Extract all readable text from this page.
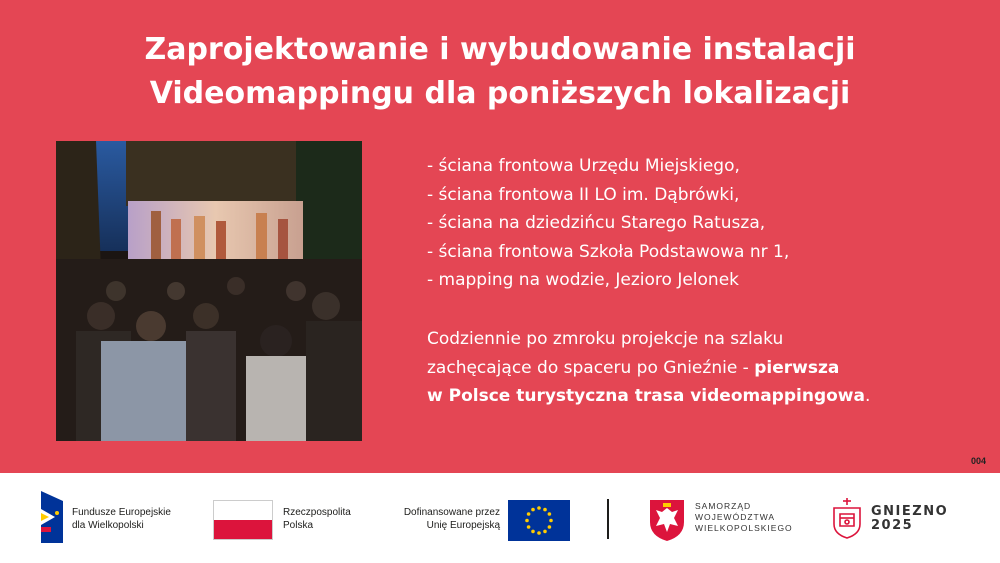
Zaprojektowanie i wybudowanie instalacji
Videomappingu dla poniższych lokalizacji
- ściana frontowa Urzędu Miejskiego,
- ściana frontowa II LO im. Dąbrówki,
- ściana na dziedzińcu Starego Ratusza,
- ściana frontowa Szkoła Podstawowa nr 1,
- mapping na wodzie, Jezioro Jelonek
Codziennie po zmroku projekcje na szlaku
zachęcające do spaceru po Gnieźnie - pierwsza
w Polsce turystyczna trasa videomappingowa.
004
Fundusze Europejskie
dla Wielkopolski
Rzeczpospolita
Polska
Dofinansowane przez
Unię Europejską
SAMORZĄD
WOJEWÓDZTWA
WIELKOPOLSKIEGO
GNIEZNO
2025
